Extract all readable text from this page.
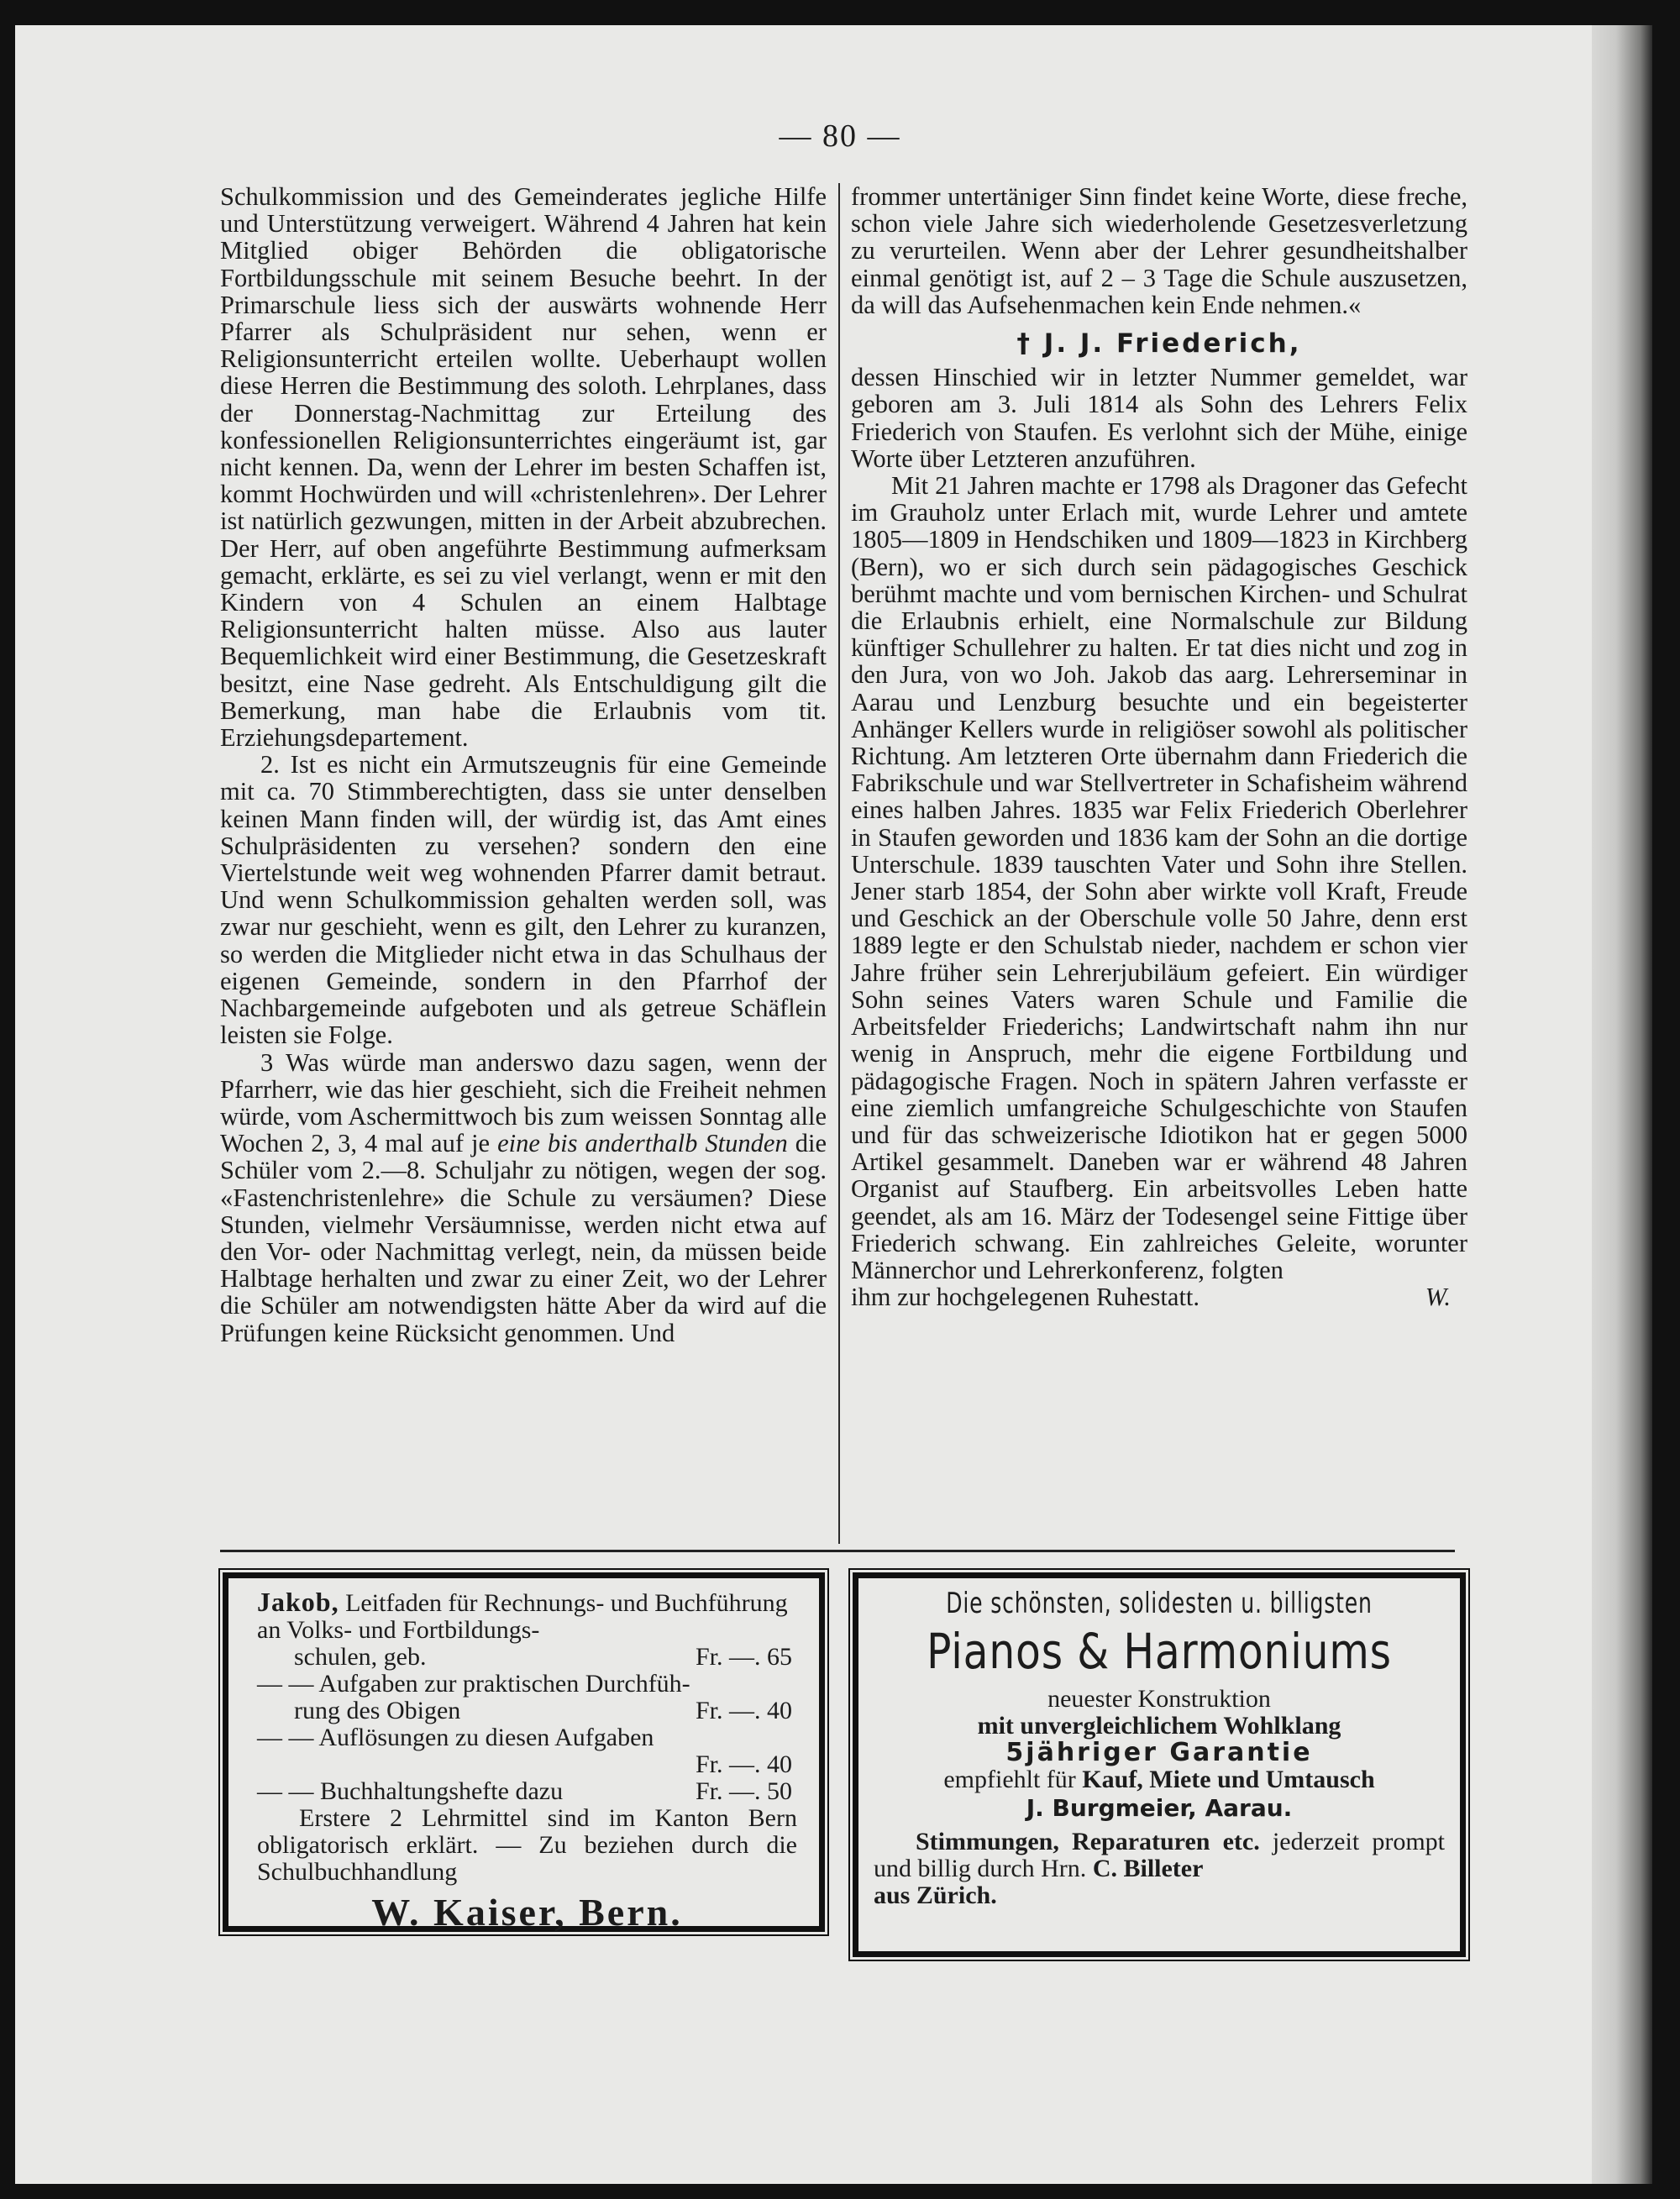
— 80 —

Schulkommission und des Gemeinderates jegliche Hilfe und Unterstützung verweigert. Während 4 Jahren hat kein Mitglied obiger Behörden die obligatorische Fortbildungsschule mit seinem Besuche beehrt. In der Primarschule liess sich der auswärts wohnende Herr Pfarrer als Schulpräsident nur sehen, wenn er Religionsunterricht erteilen wollte. Ueberhaupt wollen diese Herren die Bestimmung des soloth. Lehrplanes, dass der Donnerstag-Nachmittag zur Erteilung des konfessionellen Religionsunterrichtes eingeräumt ist, gar nicht kennen. Da, wenn der Lehrer im besten Schaffen ist, kommt Hochwürden und will «christenlehren». Der Lehrer ist natürlich gezwungen, mitten in der Arbeit abzubrechen. Der Herr, auf oben angeführte Bestimmung aufmerksam gemacht, erklärte, es sei zu viel verlangt, wenn er mit den Kindern von 4 Schulen an einem Halbtage Religionsunterricht halten müsse. Also aus lauter Bequemlichkeit wird einer Bestimmung, die Gesetzeskraft besitzt, eine Nase gedreht. Als Entschuldigung gilt die Bemerkung, man habe die Erlaubnis vom tit. Erziehungsdepartement.

2. Ist es nicht ein Armutszeugnis für eine Gemeinde mit ca. 70 Stimmberechtigten, dass sie unter denselben keinen Mann finden will, der würdig ist, das Amt eines Schulpräsidenten zu versehen? sondern den eine Viertelstunde weit weg wohnenden Pfarrer damit betraut. Und wenn Schulkommission gehalten werden soll, was zwar nur geschieht, wenn es gilt, den Lehrer zu kuranzen, so werden die Mitglieder nicht etwa in das Schulhaus der eigenen Gemeinde, sondern in den Pfarrhof der Nachbargemeinde aufgeboten und als getreue Schäflein leisten sie Folge.

3 Was würde man anderswo dazu sagen, wenn der Pfarrherr, wie das hier geschieht, sich die Freiheit nehmen würde, vom Aschermittwoch bis zum weissen Sonntag alle Wochen 2, 3, 4 mal auf je eine bis anderthalb Stunden die Schüler vom 2.—8. Schuljahr zu nötigen, wegen der sog. «Fastenchristenlehre» die Schule zu versäumen? Diese Stunden, vielmehr Versäumnisse, werden nicht etwa auf den Vor- oder Nachmittag verlegt, nein, da müssen beide Halbtage herhalten und zwar zu einer Zeit, wo der Lehrer die Schüler am notwendigsten hätte Aber da wird auf die Prüfungen keine Rücksicht genommen. Und

frommer untertäniger Sinn findet keine Worte, diese freche, schon viele Jahre sich wiederholende Gesetzesverletzung zu verurteilen. Wenn aber der Lehrer gesundheitshalber einmal genötigt ist, auf 2 – 3 Tage die Schule auszusetzen, da will das Aufsehenmachen kein Ende nehmen.«

† J. J. Friederich,

dessen Hinschied wir in letzter Nummer gemeldet, war geboren am 3. Juli 1814 als Sohn des Lehrers Felix Friederich von Staufen. Es verlohnt sich der Mühe, einige Worte über Letzteren anzuführen.

Mit 21 Jahren machte er 1798 als Dragoner das Gefecht im Grauholz unter Erlach mit, wurde Lehrer und amtete 1805—1809 in Hendschiken und 1809—1823 in Kirchberg (Bern), wo er sich durch sein pädagogisches Geschick berühmt machte und vom bernischen Kirchen- und Schulrat die Erlaubnis erhielt, eine Normalschule zur Bildung künftiger Schullehrer zu halten. Er tat dies nicht und zog in den Jura, von wo Joh. Jakob das aarg. Lehrerseminar in Aarau und Lenzburg besuchte und ein begeisterter Anhänger Kellers wurde in religiöser sowohl als politischer Richtung. Am letzteren Orte übernahm dann Friederich die Fabrikschule und war Stellvertreter in Schafisheim während eines halben Jahres. 1835 war Felix Friederich Oberlehrer in Staufen geworden und 1836 kam der Sohn an die dortige Unterschule. 1839 tauschten Vater und Sohn ihre Stellen. Jener starb 1854, der Sohn aber wirkte voll Kraft, Freude und Geschick an der Oberschule volle 50 Jahre, denn erst 1889 legte er den Schulstab nieder, nachdem er schon vier Jahre früher sein Lehrerjubiläum gefeiert. Ein würdiger Sohn seines Vaters waren Schule und Familie die Arbeitsfelder Friederichs; Landwirtschaft nahm ihn nur wenig in Anspruch, mehr die eigene Fortbildung und pädagogische Fragen. Noch in spätern Jahren verfasste er eine ziemlich umfangreiche Schulgeschichte von Staufen und für das schweizerische Idiotikon hat er gegen 5000 Artikel gesammelt. Daneben war er während 48 Jahren Organist auf Staufberg. Ein arbeitsvolles Leben hatte geendet, als am 16. März der Todesengel seine Fittige über Friederich schwang. Ein zahlreiches Geleite, worunter Männerchor und Lehrerkonferenz, folgten

ihm zur hochgelegenen Ruhestatt.	W.
Jakob, Leitfaden für Rechnungs- und Buchführung an Volks- und Fortbildungs-
schulen, geb.	Fr. —. 65
— — Aufgaben zur praktischen Durchfüh-
rung des Obigen	Fr. —. 40
— — Auflösungen zu diesen Aufgaben
Fr. —. 40
— — Buchhaltungshefte dazu	Fr. —. 50
Erstere 2 Lehrmittel sind im Kanton Bern obligatorisch erklärt. — Zu beziehen durch die Schulbuchhandlung
W. Kaiser, Bern.
Die schönsten, solidesten u. billigsten
Pianos & Harmoniums
neuester Konstruktion
mit unvergleichlichem Wohlklang
5jähriger Garantie
empfiehlt für Kauf, Miete und Umtausch
J. Burgmeier, Aarau.
Stimmungen, Reparaturen etc. jederzeit prompt und billig durch Hrn. C. Billeter
aus Zürich.
